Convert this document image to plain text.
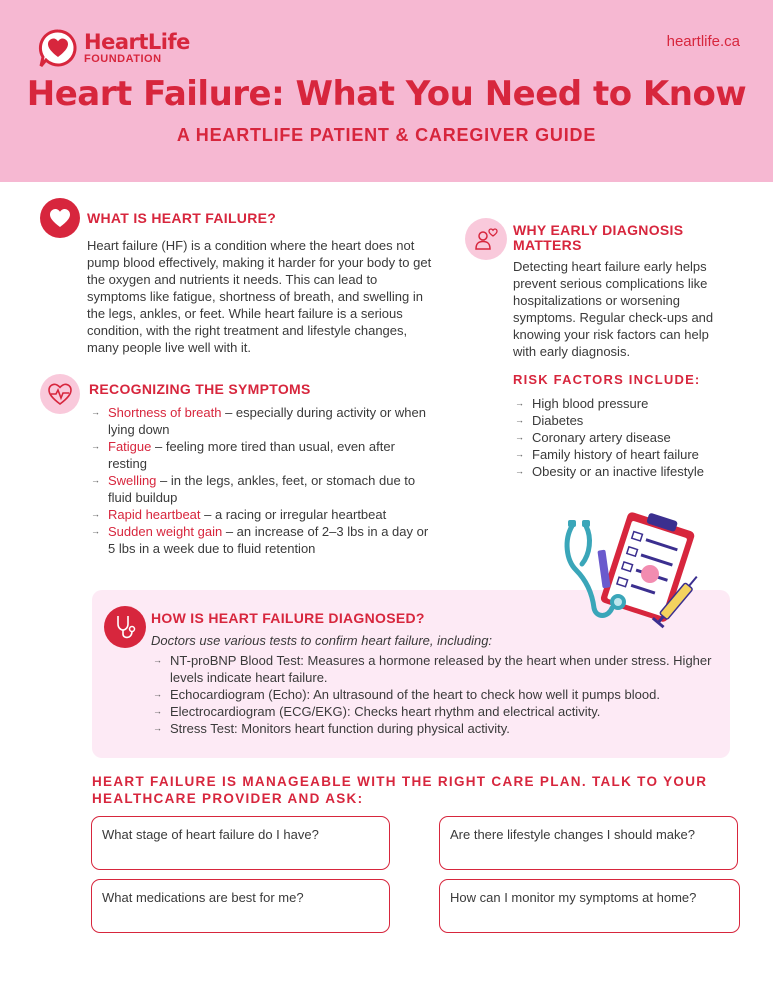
HeartLife
FOUNDATION
heartlife.ca
Heart Failure: What You Need to Know
A HEARTLIFE PATIENT & CAREGIVER GUIDE
WHAT IS HEART FAILURE?
Heart failure (HF) is a condition where the heart does not pump blood effectively, making it harder for your body to get the oxygen and nutrients it needs. This can lead to symptoms like fatigue, shortness of breath, and swelling in the legs, ankles, or feet. While heart failure is a serious condition, with the right treatment and lifestyle changes, many people live well with it.
RECOGNIZING THE SYMPTOMS
→ Shortness of breath – especially during activity or when lying down
→ Fatigue – feeling more tired than usual, even after resting
→ Swelling – in the legs, ankles, feet, or stomach due to fluid buildup
→ Rapid heartbeat – a racing or irregular heartbeat
→ Sudden weight gain – an increase of 2–3 lbs in a day or 5 lbs in a week due to fluid retention
WHY EARLY DIAGNOSIS MATTERS
Detecting heart failure early helps prevent serious complications like hospitalizations or worsening symptoms. Regular check-ups and knowing your risk factors can help with early diagnosis.
RISK FACTORS INCLUDE:
→ High blood pressure
→ Diabetes
→ Coronary artery disease
→ Family history of heart failure
→ Obesity or an inactive lifestyle
HOW IS HEART FAILURE DIAGNOSED?
Doctors use various tests to confirm heart failure, including:
→ NT-proBNP Blood Test: Measures a hormone released by the heart when under stress. Higher levels indicate heart failure.
→ Echocardiogram (Echo): An ultrasound of the heart to check how well it pumps blood.
→ Electrocardiogram (ECG/EKG): Checks heart rhythm and electrical activity.
→ Stress Test: Monitors heart function during physical activity.
HEART FAILURE IS MANAGEABLE WITH THE RIGHT CARE PLAN. TALK TO YOUR HEALTHCARE PROVIDER AND ASK:
What stage of heart failure do I have?	Are there lifestyle changes I should make?
What medications are best for me?	How can I monitor my symptoms at home?
